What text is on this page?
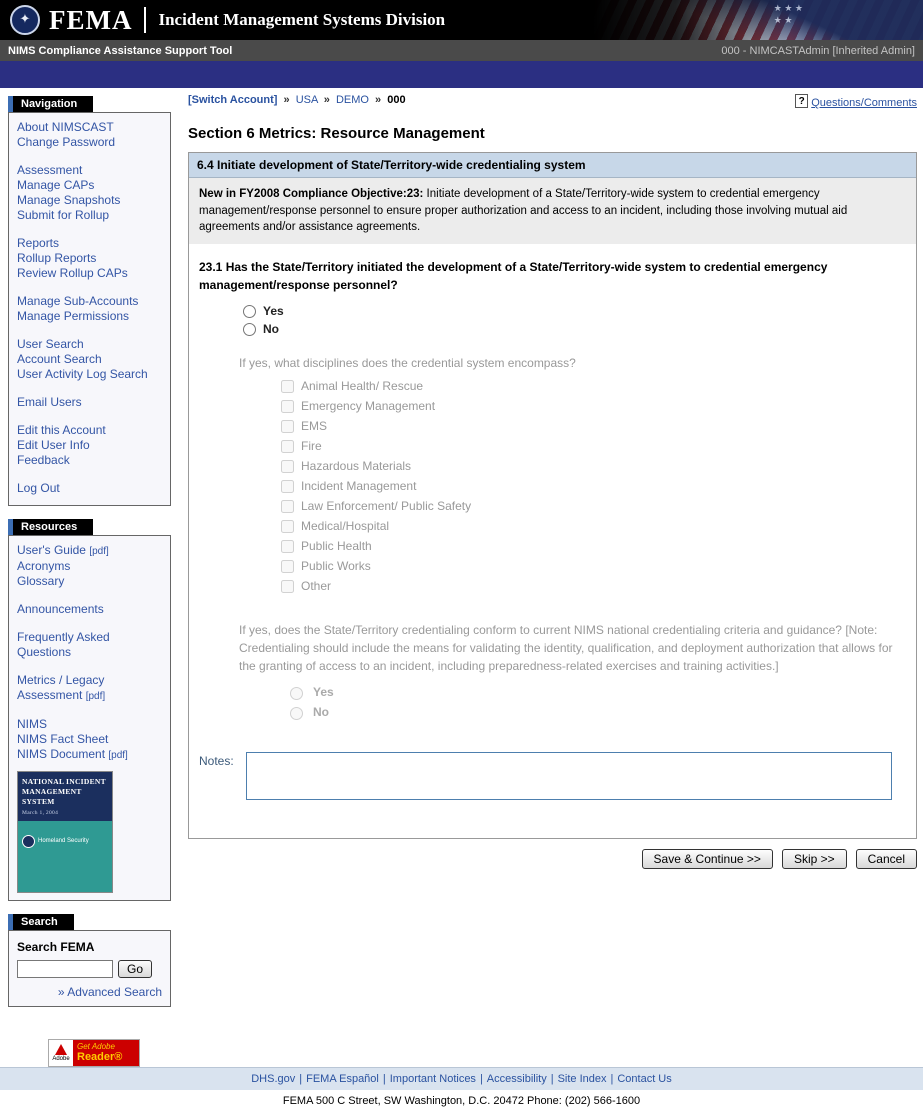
★ ★ ★ ★ ★
✦
FEMA Incident Management Systems Division
NIMS Compliance Assistance Support Tool	000 - NIMCASTAdmin [Inherited Admin]
Navigation
About NIMSCAST
Change Password
Assessment
Manage CAPs
Manage Snapshots
Submit for Rollup
Reports
Rollup Reports
Review Rollup CAPs
Manage Sub-Accounts
Manage Permissions
User Search
Account Search
User Activity Log Search
Email Users
Edit this Account
Edit User Info
Feedback
Log Out
Resources
User's Guide [pdf]
Acronyms
Glossary
Announcements
Frequently Asked Questions
Metrics / Legacy Assessment [pdf]
NIMS
NIMS Fact Sheet
NIMS Document [pdf]
NATIONAL INCIDENT MANAGEMENT SYSTEM
March 1, 2004
Homeland Security
Search
Search FEMA
Go
» Advanced Search
Adobe
Get Adobe
Reader®
[Switch Account] » USA » DEMO » 000	? Questions/Comments
Section 6 Metrics: Resource Management
6.4 Initiate development of State/Territory-wide credentialing system
New in FY2008 Compliance Objective:23: Initiate development of a State/Territory-wide system to credential emergency management/response personnel to ensure proper authorization and access to an incident, including those involving mutual aid agreements and/or assistance agreements.
23.1 Has the State/Territory initiated the development of a State/Territory-wide system to credential emergency management/response personnel?
Yes
No
If yes, what disciplines does the credential system encompass?
Animal Health/ Rescue
Emergency Management
EMS
Fire
Hazardous Materials
Incident Management
Law Enforcement/ Public Safety
Medical/Hospital
Public Health
Public Works
Other
If yes, does the State/Territory credentialing conform to current NIMS national credentialing criteria and guidance? [Note: Credentialing should include the means for validating the identity, qualification, and deployment authorization that allows for the granting of access to an incident, including preparedness-related exercises and training activities.]
Yes
No
Notes:
Save & Continue >>	Skip >>	Cancel
DHS.gov | FEMA Español | Important Notices | Accessibility | Site Index | Contact Us
FEMA 500 C Street, SW Washington, D.C. 20472 Phone: (202) 566-1600
